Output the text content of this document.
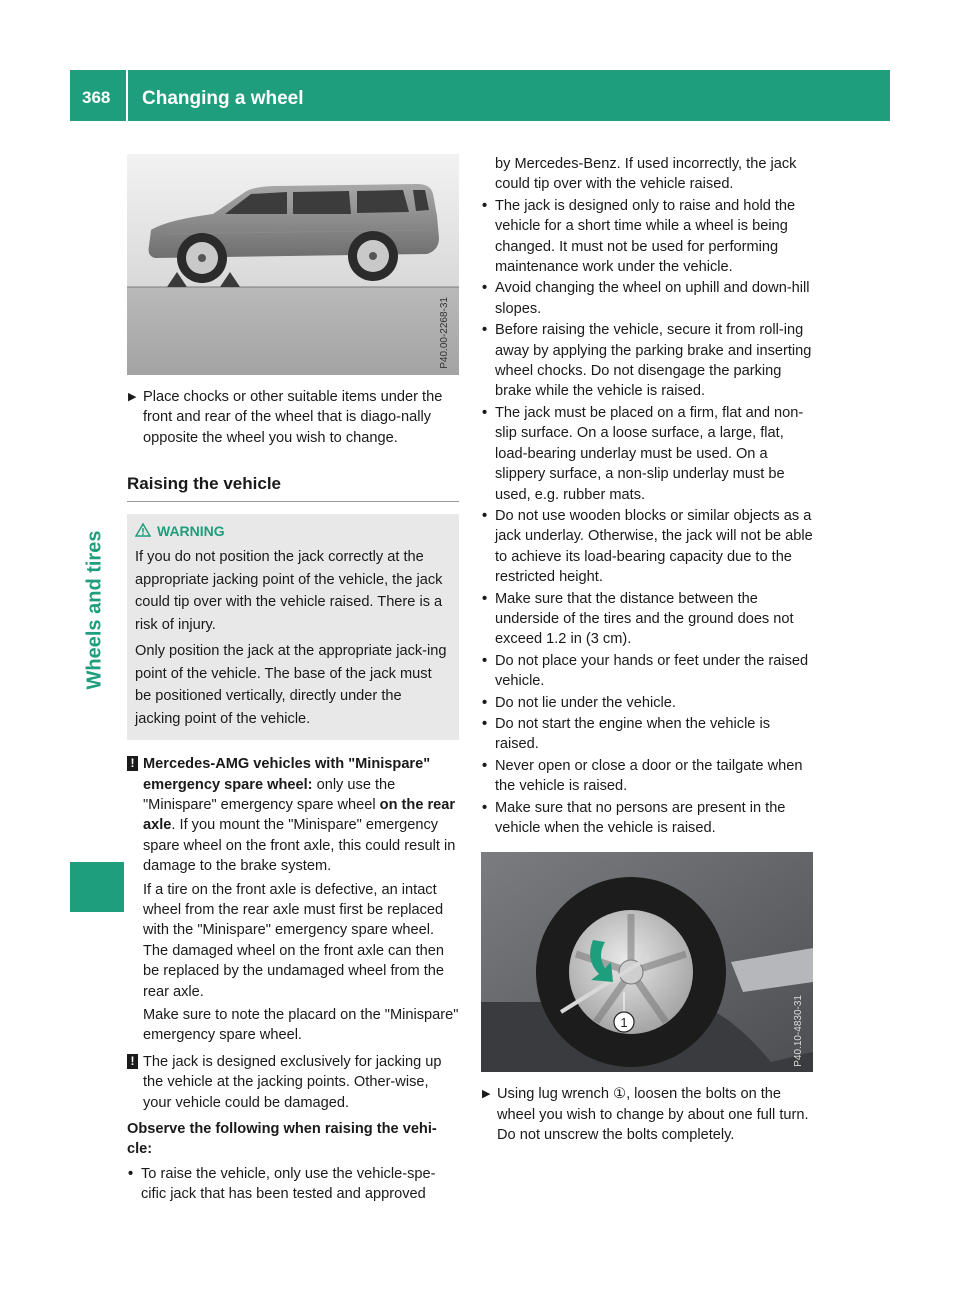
368 Changing a wheel
Wheels and tires
P40.00-2268-31
▶ Place chocks or other suitable items under the front and rear of the wheel that is diago-nally opposite the wheel you wish to change.
Raising the vehicle
WARNING

If you do not position the jack correctly at the appropriate jacking point of the vehicle, the jack could tip over with the vehicle raised. There is a risk of injury.

Only position the jack at the appropriate jack-ing point of the vehicle. The base of the jack must be positioned vertically, directly under the jacking point of the vehicle.

! Mercedes-AMG vehicles with "Minispare" emergency spare wheel: only use the "Minispare" emergency spare wheel on the rear axle. If you mount the "Minispare" emergency spare wheel on the front axle, this could result in damage to the brake system.

If a tire on the front axle is defective, an intact wheel from the rear axle must first be replaced with the "Minispare" emergency spare wheel. The damaged wheel on the front axle can then be replaced by the undamaged wheel from the rear axle.

Make sure to note the placard on the "Minispare" emergency spare wheel.

! The jack is designed exclusively for jacking up the vehicle at the jacking points. Other-wise, your vehicle could be damaged.

Observe the following when raising the vehi-cle:
• To raise the vehicle, only use the vehicle-spe-cific jack that has been tested and approved
by Mercedes-Benz. If used incorrectly, the jack could tip over with the vehicle raised.
• The jack is designed only to raise and hold the vehicle for a short time while a wheel is being changed. It must not be used for performing maintenance work under the vehicle.
• Avoid changing the wheel on uphill and down-hill slopes.
• Before raising the vehicle, secure it from roll-ing away by applying the parking brake and inserting wheel chocks. Do not disengage the parking brake while the vehicle is raised.
• The jack must be placed on a firm, flat and non-slip surface. On a loose surface, a large, flat, load-bearing underlay must be used. On a slippery surface, a non-slip underlay must be used, e.g. rubber mats.
• Do not use wooden blocks or similar objects as a jack underlay. Otherwise, the jack will not be able to achieve its load-bearing capacity due to the restricted height.
• Make sure that the distance between the underside of the tires and the ground does not exceed 1.2 in (3 cm).
• Do not place your hands or feet under the raised vehicle.
• Do not lie under the vehicle.
• Do not start the engine when the vehicle is raised.
• Never open or close a door or the tailgate when the vehicle is raised.
• Make sure that no persons are present in the vehicle when the vehicle is raised.
1	P40.10-4830-31
▶ Using lug wrench ①, loosen the bolts on the wheel you wish to change by about one full turn. Do not unscrew the bolts completely.
